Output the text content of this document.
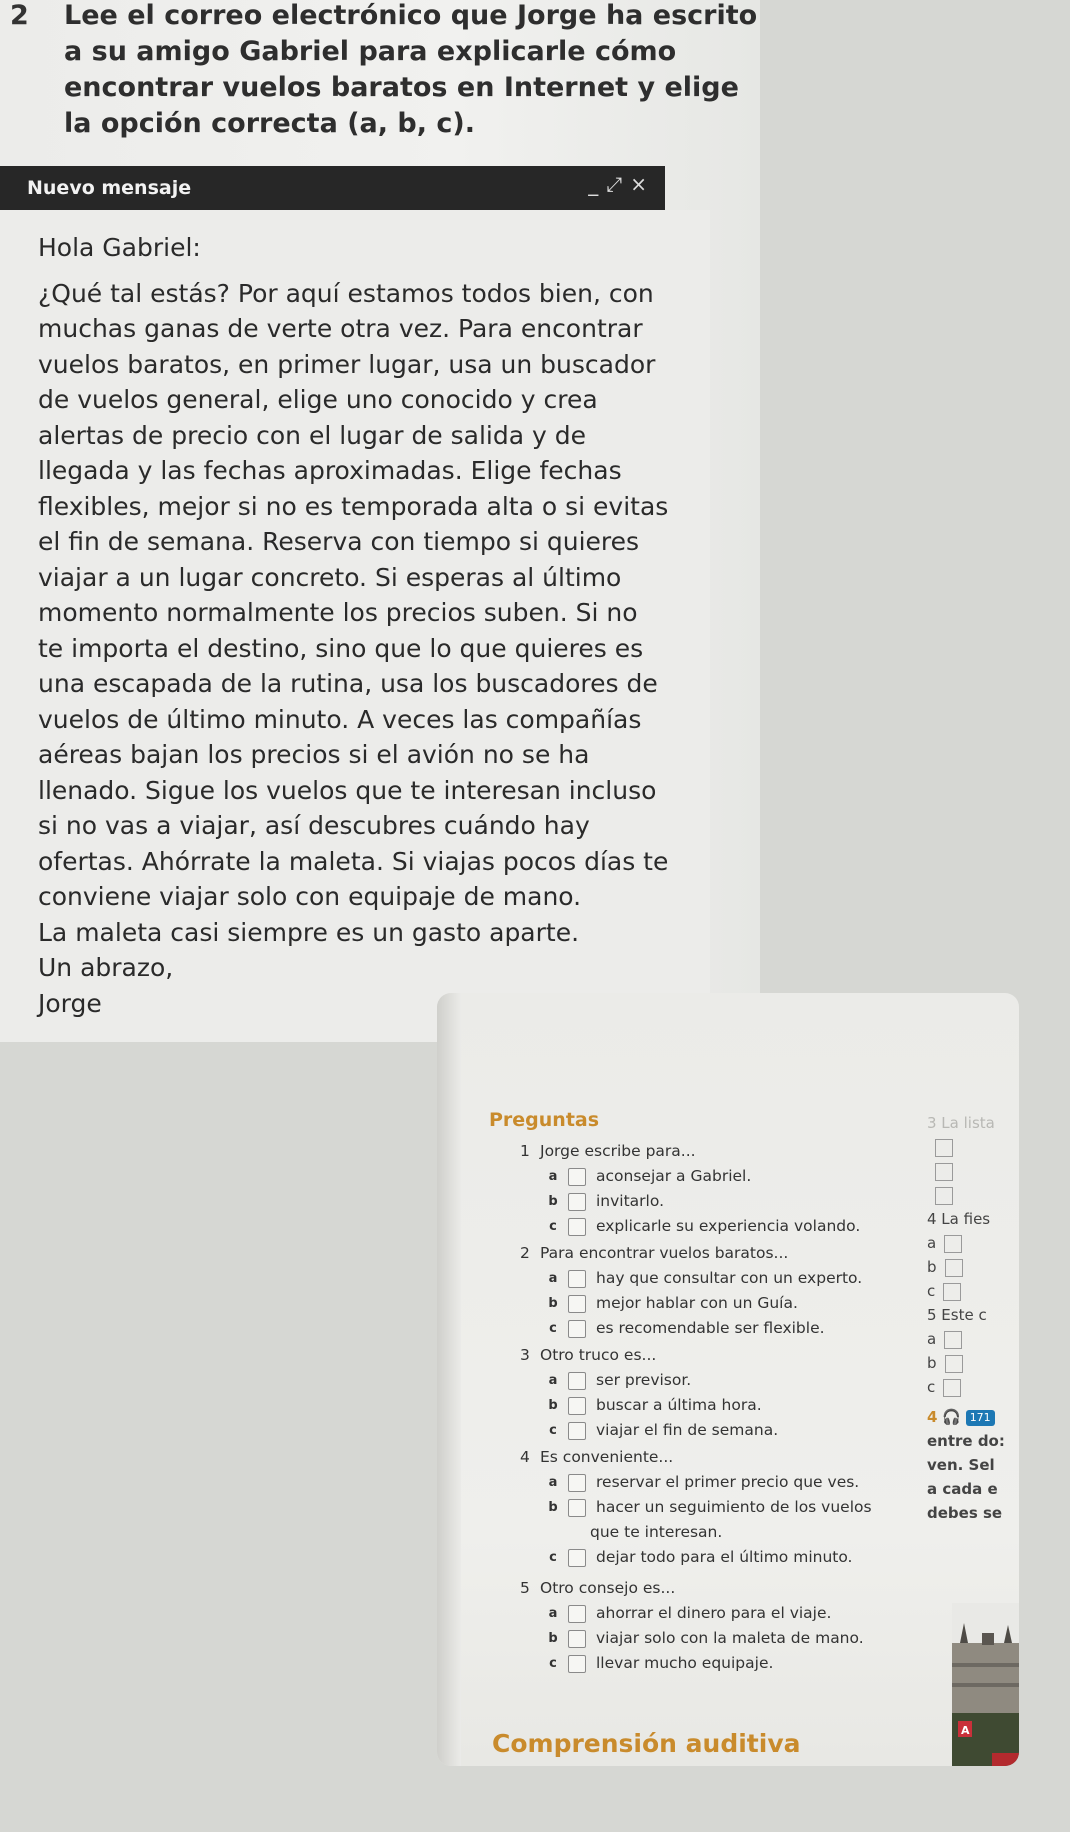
2 Lee el correo electrónico que Jorge ha escrito
a su amigo Gabriel para explicarle cómo
encontrar vuelos baratos en Internet y elige
la opción correcta (a, b, c).
Nuevo mensaje	_ ⤢ ×
Hola Gabriel:
¿Qué tal estás? Por aquí estamos todos bien, con
muchas ganas de verte otra vez. Para encontrar
vuelos baratos, en primer lugar, usa un buscador
de vuelos general, elige uno conocido y crea
alertas de precio con el lugar de salida y de
llegada y las fechas aproximadas. Elige fechas
flexibles, mejor si no es temporada alta o si evitas
el fin de semana. Reserva con tiempo si quieres
viajar a un lugar concreto. Si esperas al último
momento normalmente los precios suben. Si no
te importa el destino, sino que lo que quieres es
una escapada de la rutina, usa los buscadores de
vuelos de último minuto. A veces las compañías
aéreas bajan los precios si el avión no se ha
llenado. Sigue los vuelos que te interesan incluso
si no vas a viajar, así descubres cuándo hay
ofertas. Ahórrate la maleta. Si viajas pocos días te
conviene viajar solo con equipaje de mano.
La maleta casi siempre es un gasto aparte.
Un abrazo,
Jorge
Preguntas
1 Jorge escribe para...
a	aconsejar a Gabriel.
b	invitarlo.
c	explicarle su experiencia volando.
2 Para encontrar vuelos baratos...
a	hay que consultar con un experto.
b	mejor hablar con un Guía.
c	es recomendable ser flexible.
3 Otro truco es...
a	ser previsor.
b	buscar a última hora.
c	viajar el fin de semana.
4 Es conveniente...
a	reservar el primer precio que ves.
b	hacer un seguimiento de los vuelos
que te interesan.
c	dejar todo para el último minuto.
5 Otro consejo es...
a	ahorrar el dinero para el viaje.
b	viajar solo con la maleta de mano.
c	llevar mucho equipaje.
3 La lista
4 La fies
a
b
c
5 Este c
a
b
c
4 🎧 171
entre do:
ven. Sel
a cada e
debes se
A
Comprensión auditiva
